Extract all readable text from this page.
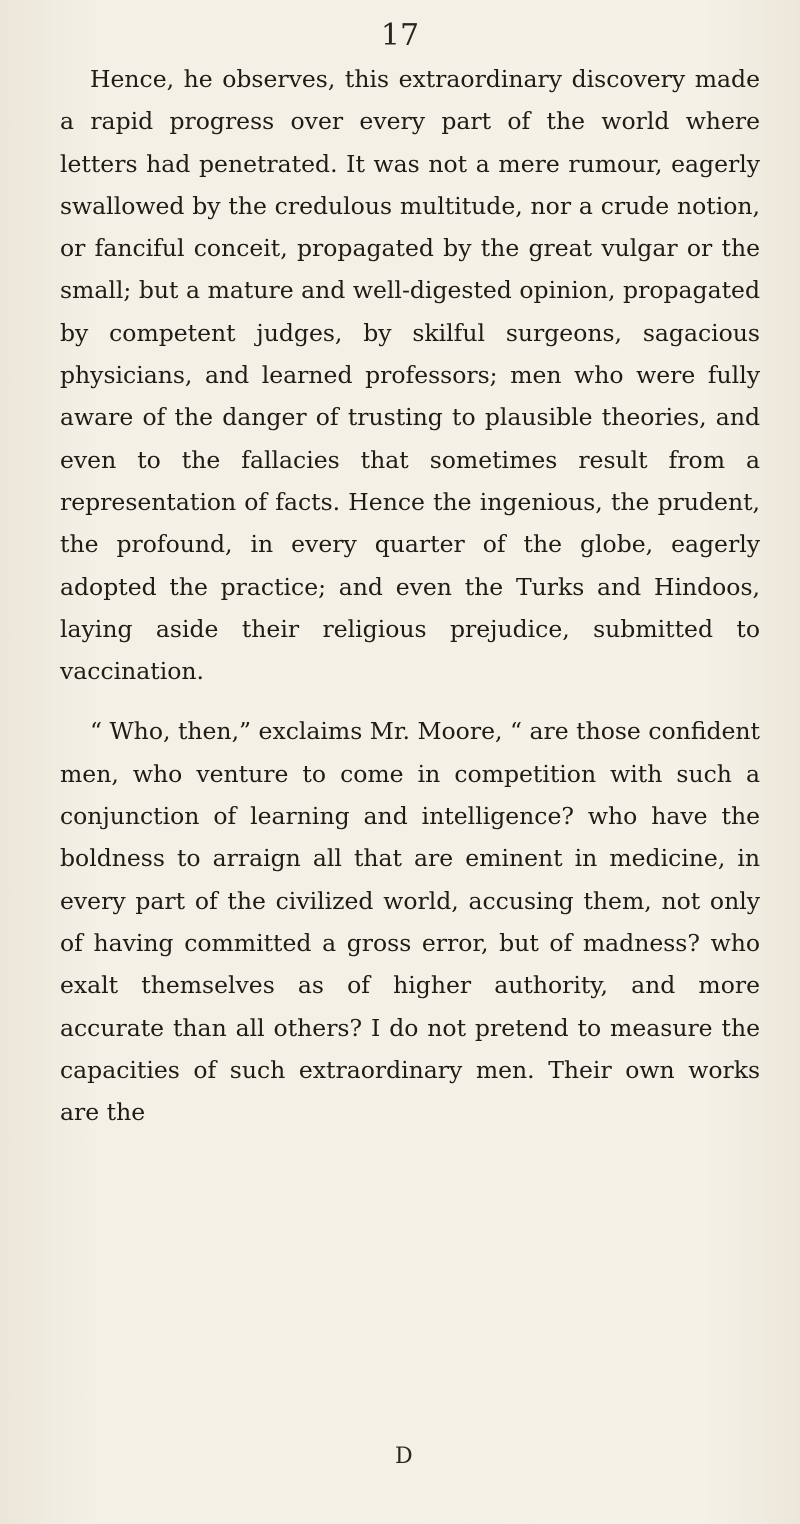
17

Hence, he observes, this extraordinary discovery made a rapid progress over every part of the world where letters had penetrated. It was not a mere rumour, eagerly swallowed by the credulous multitude, nor a crude notion, or fanciful conceit, propagated by the great vulgar or the small; but a mature and well-digested opinion, propagated by competent judges, by skilful surgeons, sagacious physicians, and learned professors; men who were fully aware of the danger of trusting to plausible theories, and even to the fallacies that sometimes result from a representation of facts. Hence the ingenious, the prudent, the profound, in every quarter of the globe, eagerly adopted the practice; and even the Turks and Hindoos, laying aside their religious prejudice, submitted to vaccination.

“ Who, then,” exclaims Mr. Moore, “ are those confident men, who venture to come in competition with such a conjunction of learning and intelligence? who have the boldness to arraign all that are eminent in medicine, in every part of the civilized world, accusing them, not only of having committed a gross error, but of madness? who exalt themselves as of higher authority, and more accurate than all others? I do not pretend to measure the capacities of such extraordinary men. Their own works are the

D
